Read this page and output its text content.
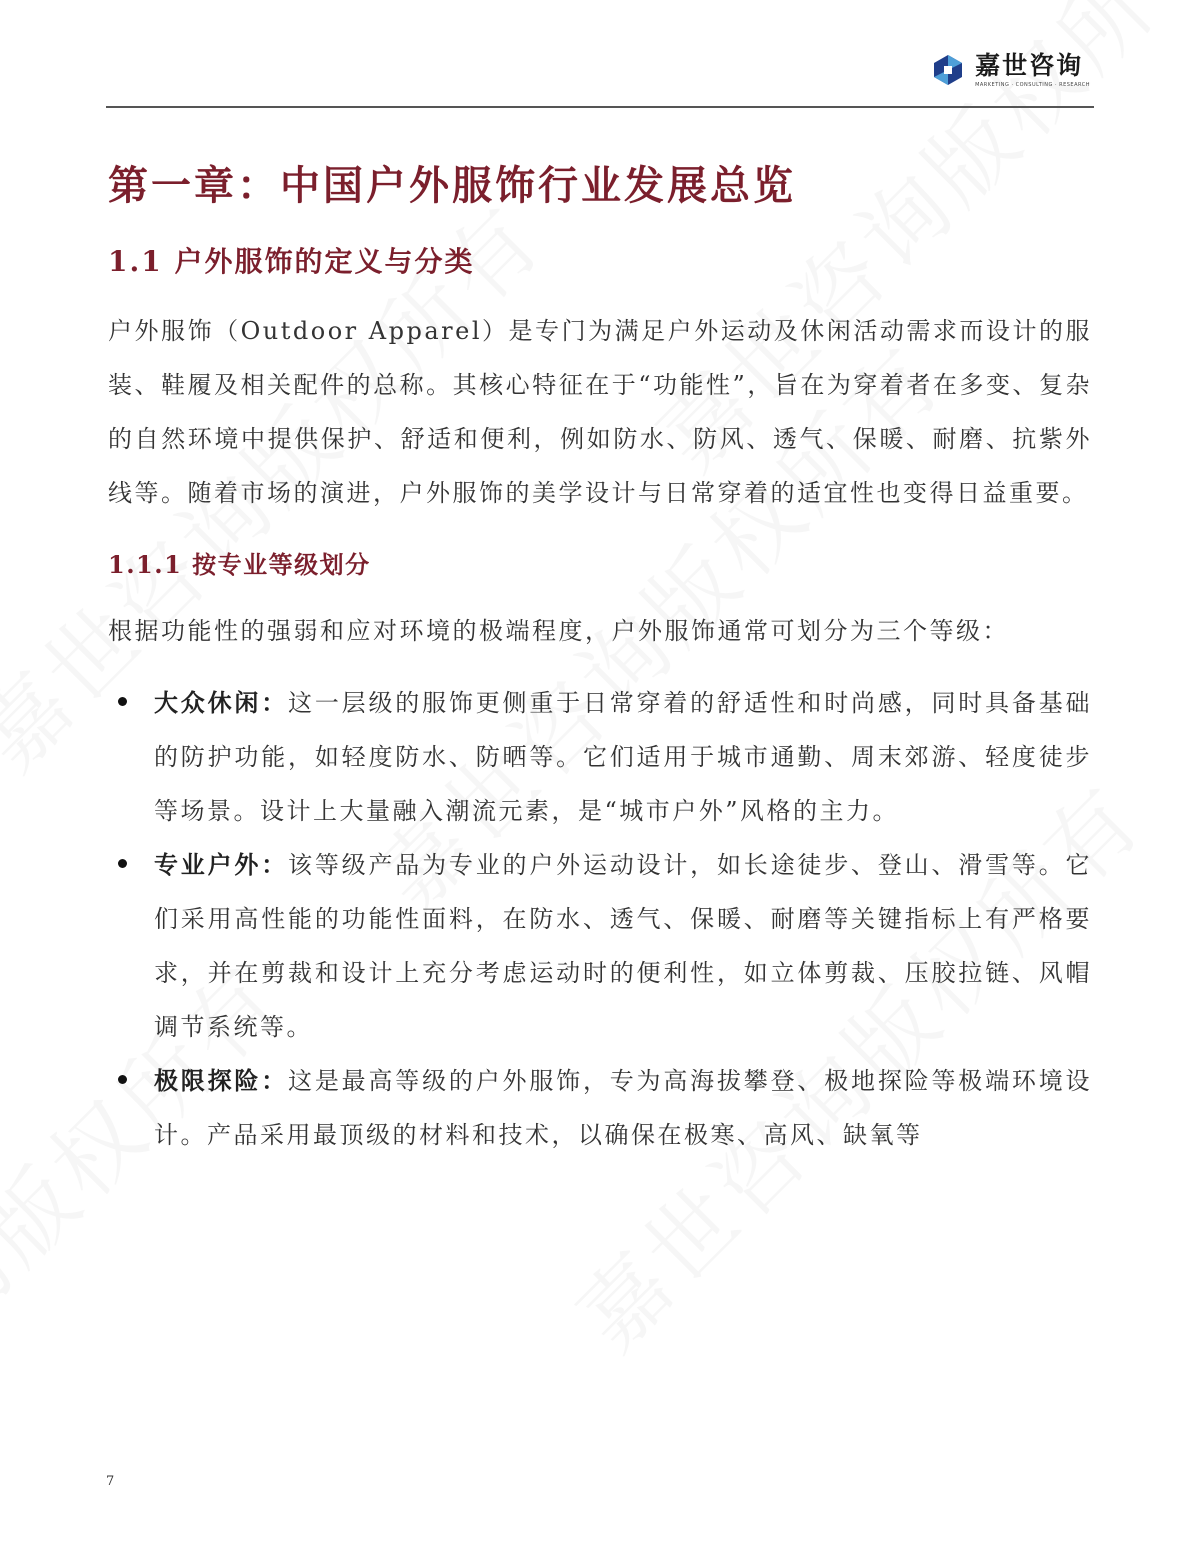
嘉世咨询
MARKETING · CONSULTING · RESEARCH
第一章：中国户外服饰行业发展总览
1.1 户外服饰的定义与分类

户外服饰（Outdoor Apparel）是专门为满足户外运动及休闲活动需求而设计的服装、鞋履及相关配件的总称。其核心特征在于“功能性”，旨在为穿着者在多变、复杂的自然环境中提供保护、舒适和便利，例如防水、防风、透气、保暖、耐磨、抗紫外线等。随着市场的演进，户外服饰的美学设计与日常穿着的适宜性也变得日益重要。

1.1.1 按专业等级划分

根据功能性的强弱和应对环境的极端程度，户外服饰通常可划分为三个等级：

大众休闲：这一层级的服饰更侧重于日常穿着的舒适性和时尚感，同时具备基础的防护功能，如轻度防水、防晒等。它们适用于城市通勤、周末郊游、轻度徒步等场景。设计上大量融入潮流元素，是“城市户外”风格的主力。
专业户外：该等级产品为专业的户外运动设计，如长途徒步、登山、滑雪等。它们采用高性能的功能性面料，在防水、透气、保暖、耐磨等关键指标上有严格要求，并在剪裁和设计上充分考虑运动时的便利性，如立体剪裁、压胶拉链、风帽调节系统等。
极限探险：这是最高等级的户外服饰，专为高海拔攀登、极地探险等极端环境设计。产品采用最顶级的材料和技术，以确保在极寒、高风、缺氧等
7
